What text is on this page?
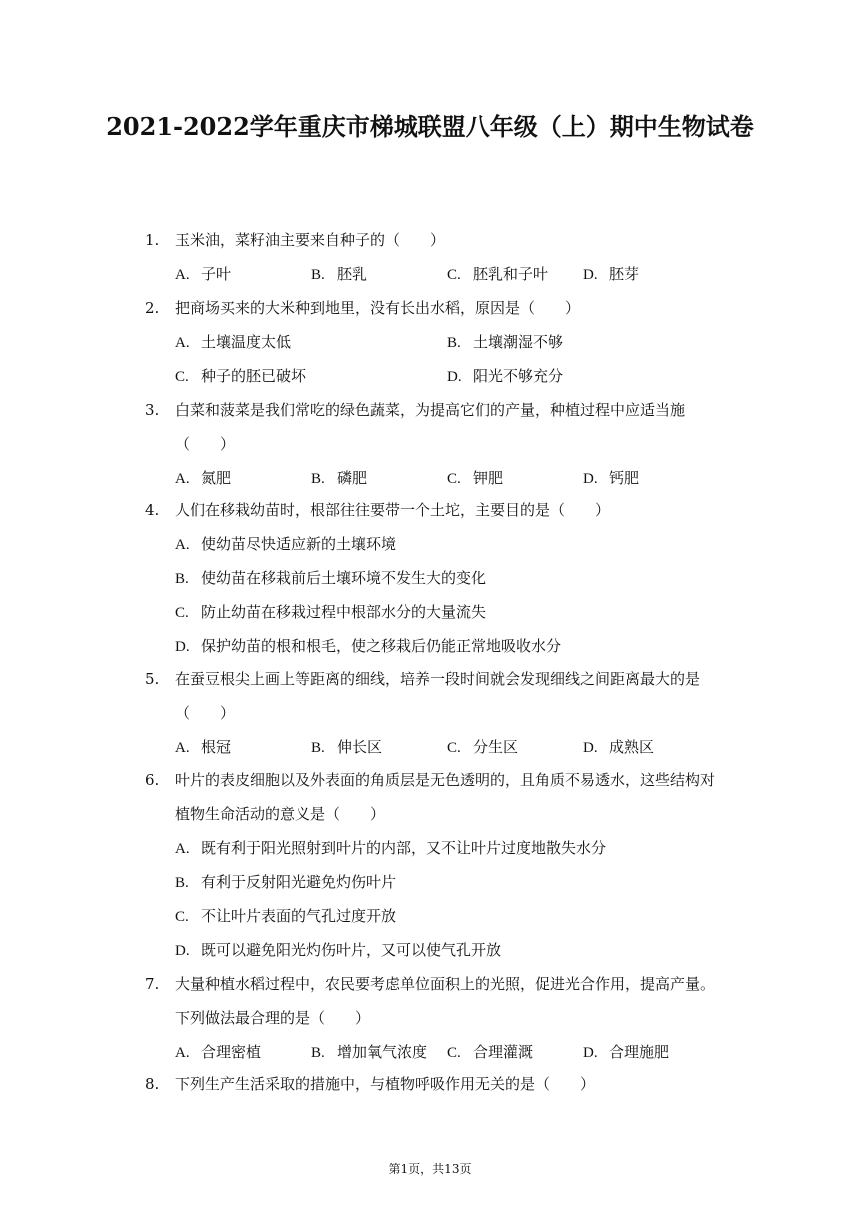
2021-2022学年重庆市梯城联盟八年级（上）期中生物试卷
1. 玉米油，菜籽油主要来自种子的（　　）

A. 子叶	B. 胚乳	C. 胚乳和子叶 D. 胚芽
2. 把商场买来的大米种到地里，没有长出水稻，原因是（　　）

A. 土壤温度太低	B. 土壤潮湿不够
C. 种子的胚已破坏	D. 阳光不够充分
3. 白菜和菠菜是我们常吃的绿色蔬菜，为提高它们的产量，种植过程中应适当施（　　）

A. 氮肥	B. 磷肥	C. 钾肥	D. 钙肥
4. 人们在移栽幼苗时，根部往往要带一个土坨，主要目的是（　　）

A. 使幼苗尽快适应新的土壤环境
B. 使幼苗在移栽前后土壤环境不发生大的变化
C. 防止幼苗在移栽过程中根部水分的大量流失
D. 保护幼苗的根和根毛，使之移栽后仍能正常地吸收水分
5. 在蚕豆根尖上画上等距离的细线，培养一段时间就会发现细线之间距离最大的是（　　）

A. 根冠	B. 伸长区	C. 分生区	D. 成熟区
6. 叶片的表皮细胞以及外表面的角质层是无色透明的，且角质不易透水，这些结构对植物生命活动的意义是（　　）

A. 既有利于阳光照射到叶片的内部，又不让叶片过度地散失水分
B. 有利于反射阳光避免灼伤叶片
C. 不让叶片表面的气孔过度开放
D. 既可以避免阳光灼伤叶片，又可以使气孔开放
7. 大量种植水稻过程中，农民要考虑单位面积上的光照，促进光合作用，提高产量。下列做法最合理的是（　　）

A. 合理密植	B. 增加氧气浓度 C. 合理灌溉	D. 合理施肥
8. 下列生产生活采取的措施中，与植物呼吸作用无关的是（　　）

第1页，共13页
